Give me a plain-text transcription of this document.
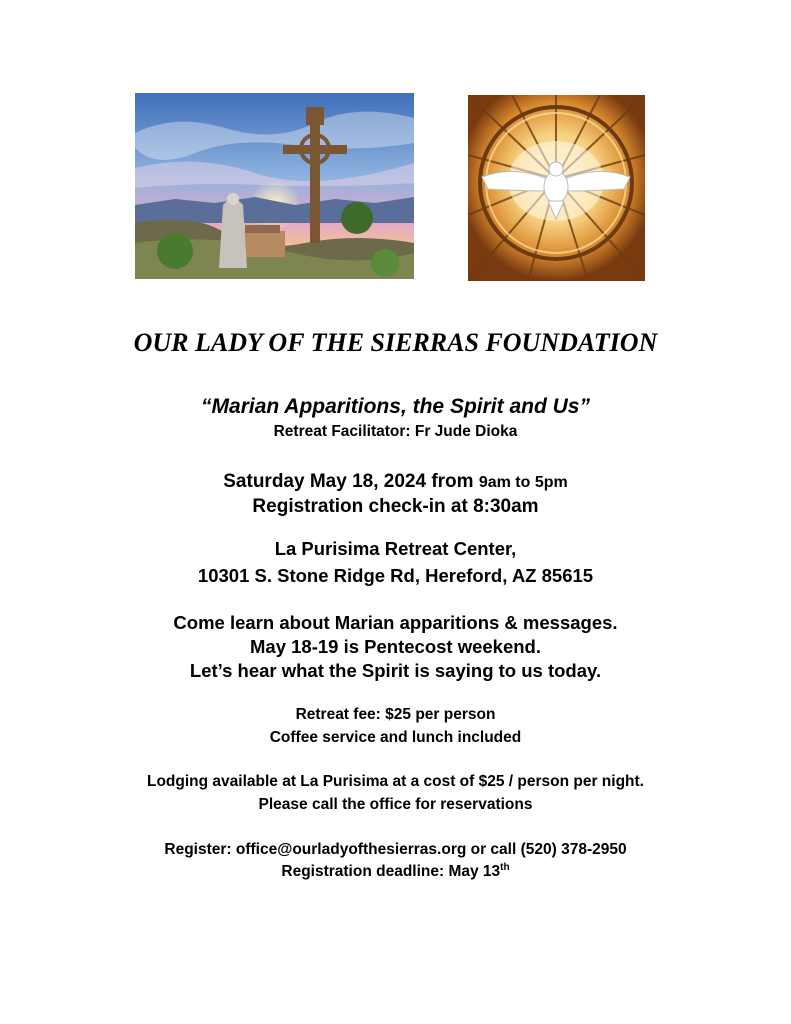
OUR LADY OF THE SIERRAS FOUNDATION
“Marian Apparitions, the Spirit and Us”
Retreat Facilitator: Fr Jude Dioka
Saturday May 18, 2024 from 9am to 5pm
Registration check-in at 8:30am
La Purisima Retreat Center,
10301 S. Stone Ridge Rd, Hereford, AZ 85615
Come learn about Marian apparitions & messages.
May 18-19 is Pentecost weekend.
Let’s hear what the Spirit is saying to us today.
Retreat fee: $25 per person
Coffee service and lunch included
Lodging available at La Purisima at a cost of $25 / person per night.
Please call the office for reservations
Register: office@ourladyofthesierras.org or call (520) 378-2950
Registration deadline: May 13th
